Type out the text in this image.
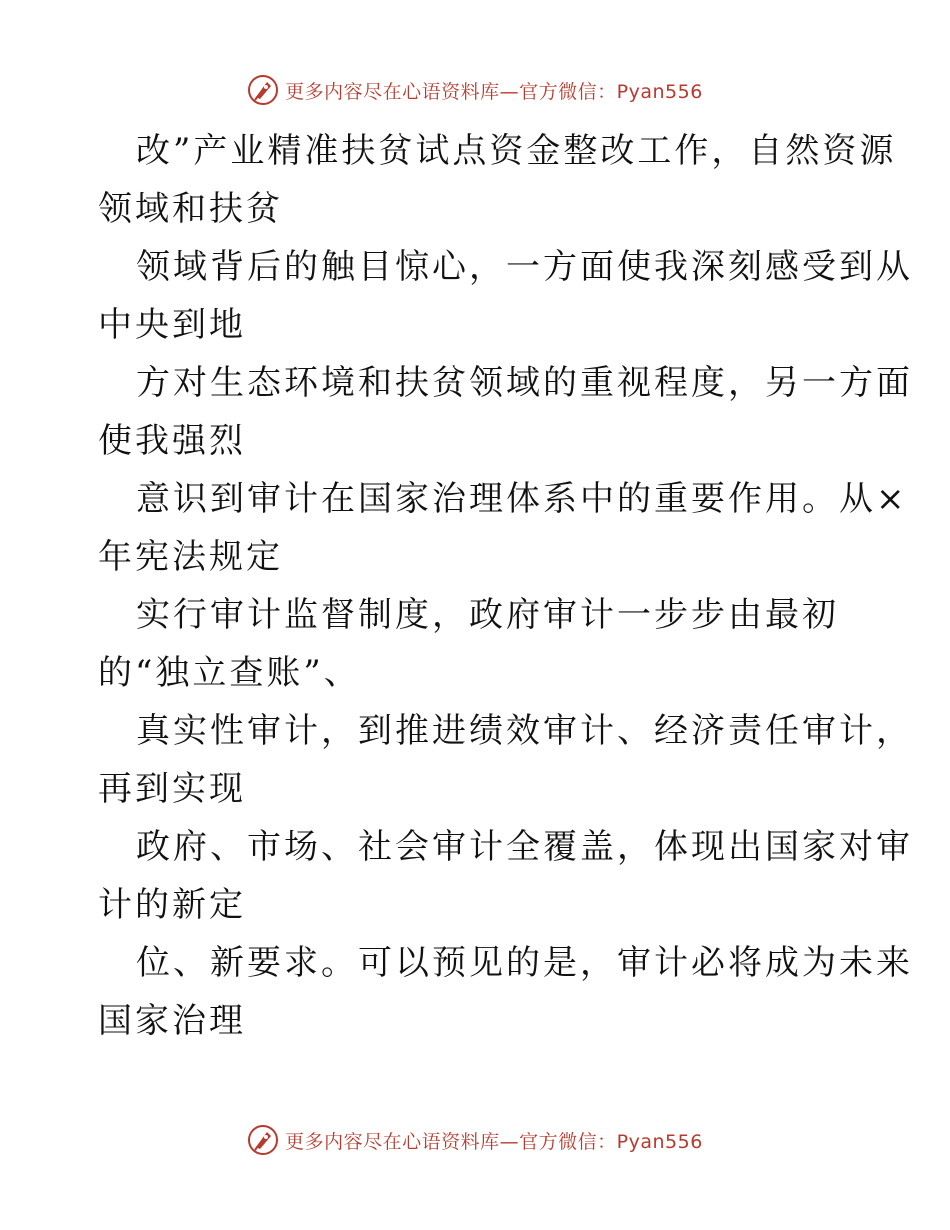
更多内容尽在心语资料库—官方微信：Pyan556

改”产业精准扶贫试点资金整改工作，自然资源
领域和扶贫

领域背后的触目惊心，一方面使我深刻感受到从
中央到地

方对生态环境和扶贫领域的重视程度，另一方面
使我强烈

意识到审计在国家治理体系中的重要作用。从×
年宪法规定

实行审计监督制度，政府审计一步步由最初
的“独立查账”、

真实性审计，到推进绩效审计、经济责任审计，
再到实现

政府、市场、社会审计全覆盖，体现出国家对审
计的新定

位、新要求。可以预见的是，审计必将成为未来
国家治理

更多内容尽在心语资料库—官方微信：Pyan556
